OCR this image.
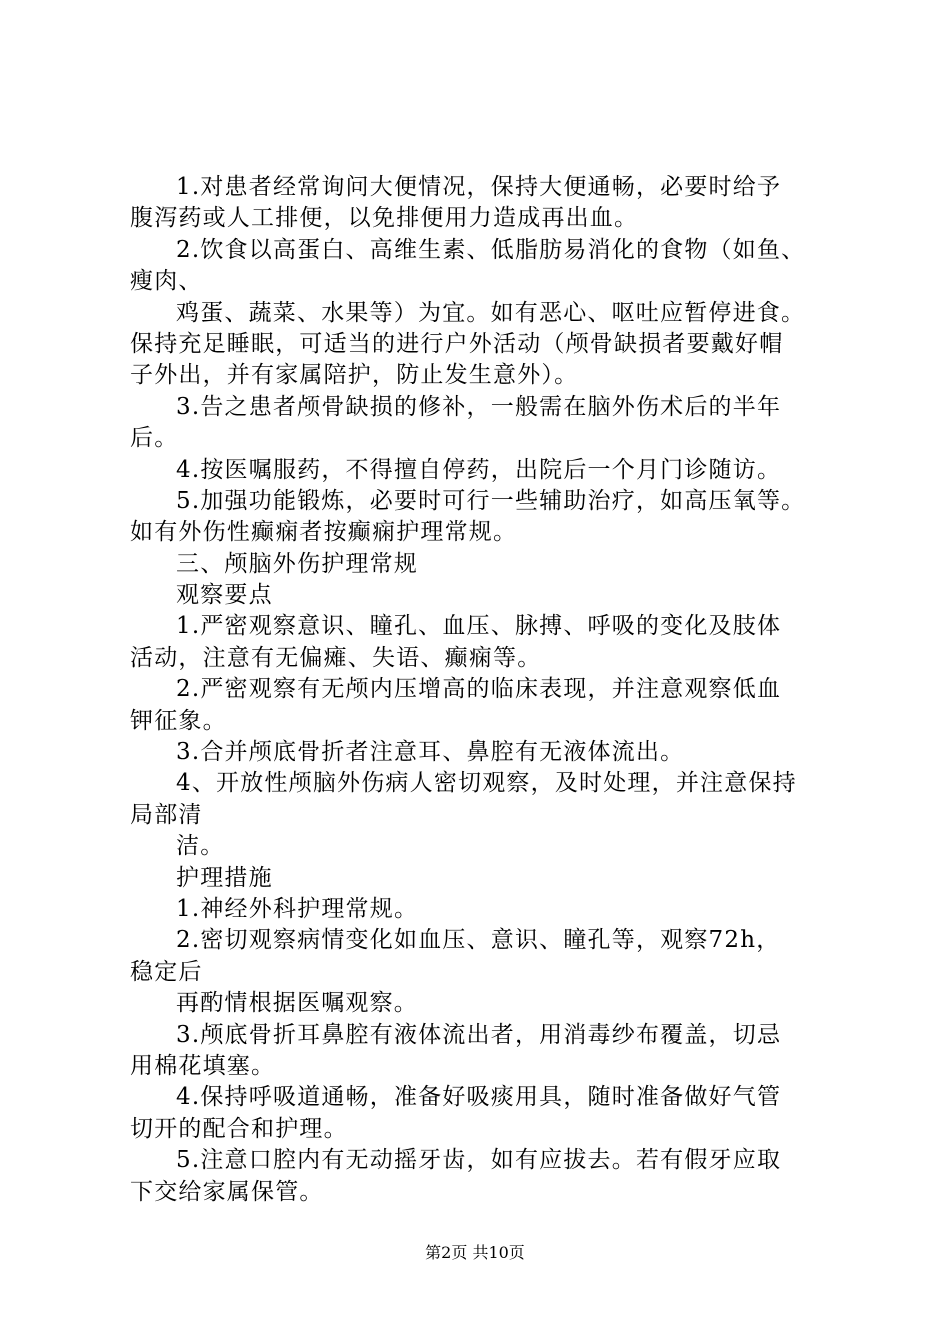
1.对患者经常询问大便情况，保持大便通畅，必要时给予
腹泻药或人工排便，以免排便用力造成再出血。
2.饮食以高蛋白、高维生素、低脂肪易消化的食物（如鱼、
瘦肉、
鸡蛋、蔬菜、水果等）为宜。如有恶心、呕吐应暂停进食。
保持充足睡眠，可适当的进行户外活动（颅骨缺损者要戴好帽
子外出，并有家属陪护，防止发生意外）。
3.告之患者颅骨缺损的修补，一般需在脑外伤术后的半年
后。
4.按医嘱服药，不得擅自停药，出院后一个月门诊随访。
5.加强功能锻炼，必要时可行一些辅助治疗，如高压氧等。
如有外伤性癫痫者按癫痫护理常规。
三、颅脑外伤护理常规
观察要点
1.严密观察意识、瞳孔、血压、脉搏、呼吸的变化及肢体
活动，注意有无偏瘫、失语、癫痫等。
2.严密观察有无颅内压增高的临床表现，并注意观察低血
钾征象。
3.合并颅底骨折者注意耳、鼻腔有无液体流出。
4、开放性颅脑外伤病人密切观察，及时处理，并注意保持
局部清
洁。
护理措施
1.神经外科护理常规。
2.密切观察病情变化如血压、意识、瞳孔等，观察72h，
稳定后
再酌情根据医嘱观察。
3.颅底骨折耳鼻腔有液体流出者，用消毒纱布覆盖，切忌
用棉花填塞。
4.保持呼吸道通畅，准备好吸痰用具，随时准备做好气管
切开的配合和护理。
5.注意口腔内有无动摇牙齿，如有应拔去。若有假牙应取
下交给家属保管。
第2页 共10页
